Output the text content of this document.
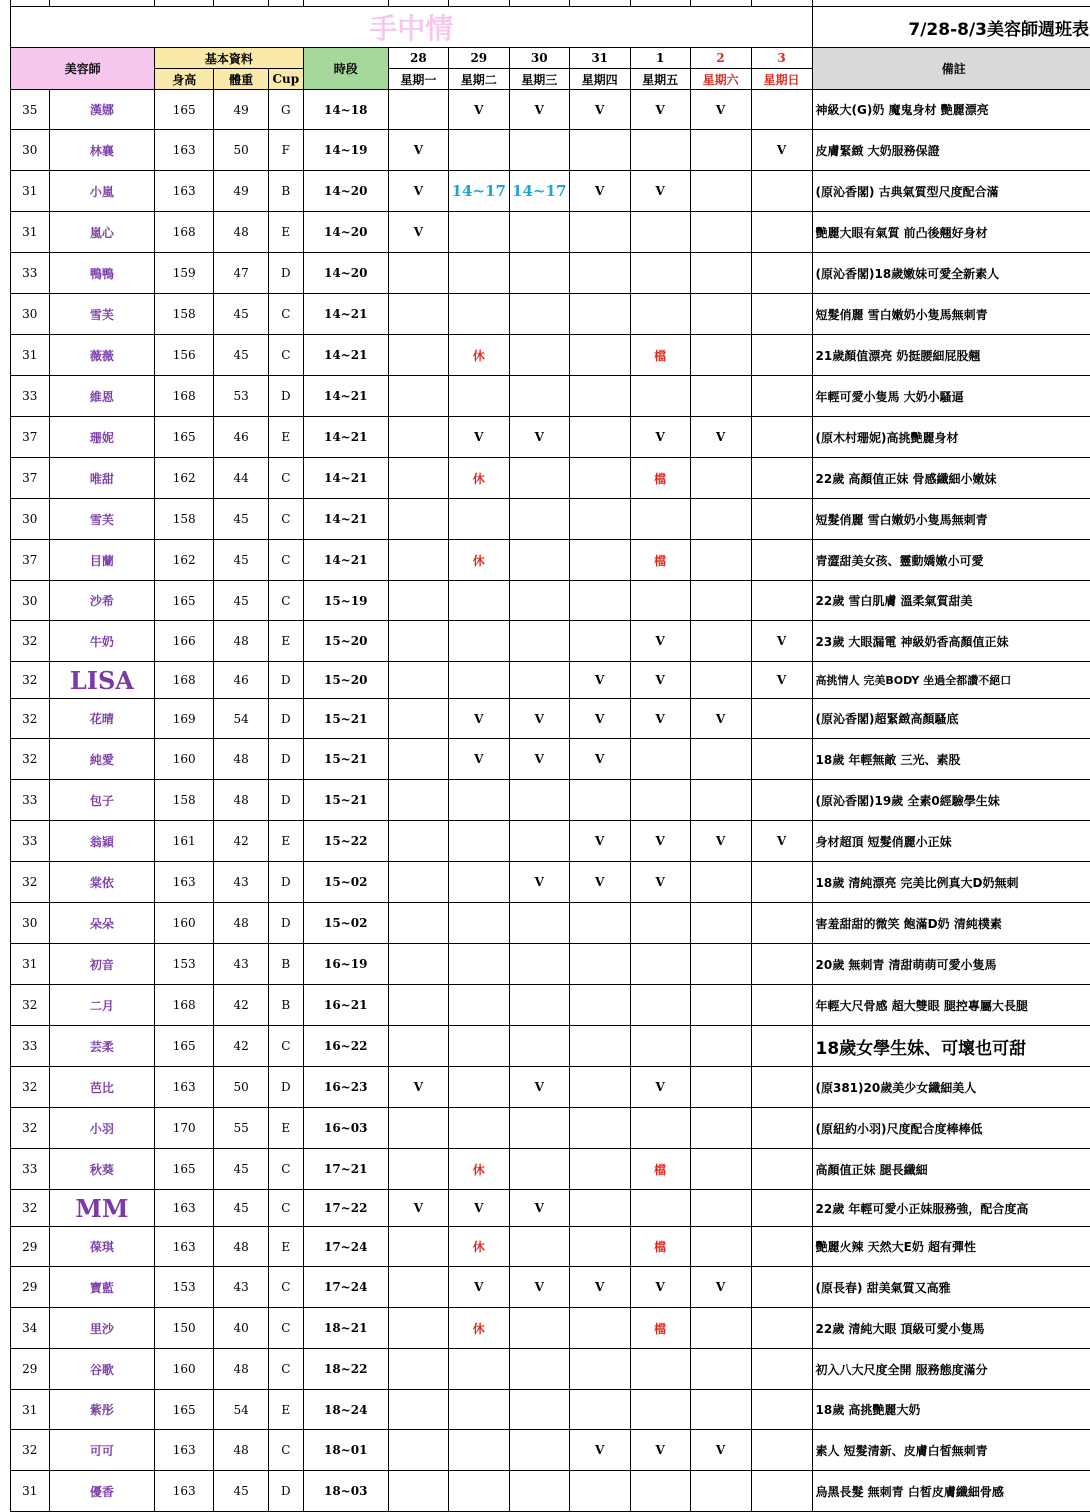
手中情													7/28-8/3美容師週班表
美容師		基本資料			時段	28	29	30	31	1	2	3	備註
		身高	體重	Cup		星期一	星期二	星期三	星期四	星期五	星期六	星期日	
35	漢娜	165	49	G	14~18		V	V	V	V	V		神級大(G)奶 魔鬼身材 艷麗漂亮
30	林襄	163	50	F	14~19	V						V	皮膚緊緻 大奶服務保證
31	小嵐	163	49	B	14~20	V	14~17	14~17	V	V			(原沁香閣) 古典氣質型尺度配合滿
31	嵐心	168	48	E	14~20	V							艷麗大眼有氣質 前凸後翹好身材
33	鴨鴨	159	47	D	14~20								(原沁香閣)18歲嫩妹可愛全新素人
30	雪芙	158	45	C	14~21								短髮俏麗 雪白嫩奶小隻馬無刺青
31	薇薇	156	45	C	14~21		休			檔			21歲顏值漂亮 奶挺腰細屁股翹
33	維恩	168	53	D	14~21								年輕可愛小隻馬 大奶小騷逼
37	珊妮	165	46	E	14~21		V	V		V	V		(原木村珊妮)高挑艷麗身材
37	唯甜	162	44	C	14~21		休			檔			22歲 高顏值正妹 骨感纖細小嫩妹
30	雪芙	158	45	C	14~21								短髮俏麗 雪白嫩奶小隻馬無刺青
37	目蘭	162	45	C	14~21		休			檔			青澀甜美女孩、靈動嬌嫩小可愛
30	沙希	165	45	C	15~19								22歲 雪白肌膚 溫柔氣質甜美
32	牛奶	166	48	E	15~20					V		V	23歲 大眼漏電 神級奶香高顏值正妹
32	LISA	168	46	D	15~20				V	V		V	高挑情人 完美BODY 坐過全都讚不絕口
32	花晴	169	54	D	15~21		V	V	V	V	V		(原沁香閣)超緊緻高顏騷底
32	純愛	160	48	D	15~21		V	V	V				18歲 年輕無敵 三光、素股
33	包子	158	48	D	15~21								(原沁香閣)19歲 全素0經驗學生妹
33	翁穎	161	42	E	15~22				V	V	V	V	身材超頂 短髮俏麗小正妹
32	棠依	163	43	D	15~02			V	V	V			18歲 清純漂亮 完美比例真大D奶無刺
30	朵朵	160	48	D	15~02								害羞甜甜的微笑 飽滿D奶 清純樸素
31	初音	153	43	B	16~19								20歲 無刺青 清甜萌萌可愛小隻馬
32	二月	168	42	B	16~21								年輕大尺骨感 超大雙眼 腿控專屬大長腿
33	芸柔	165	42	C	16~22								18歲女學生妹、可壞也可甜
32	芭比	163	50	D	16~23	V		V		V			(原381)20歲美少女纖細美人
32	小羽	170	55	E	16~03								(原紐約小羽)尺度配合度棒棒低
33	秋葵	165	45	C	17~21		休			檔			高顏值正妹 腿長纖細
32	MM	163	45	C	17~22	V	V	V					22歲 年輕可愛小正妹服務強，配合度高
29	葆琪	163	48	E	17~24		休			檔			艷麗火辣 天然大E奶 超有彈性
29	寶藍	153	43	C	17~24		V	V	V	V	V		(原長春) 甜美氣質又高雅
34	里沙	150	40	C	18~21		休			檔			22歲 清純大眼 頂級可愛小隻馬
29	谷歌	160	48	C	18~22								初入八大尺度全開 服務態度滿分
31	紫彤	165	54	E	18~24								18歲 高挑艷麗大奶
32	可可	163	48	C	18~01				V	V	V		素人 短髮清新、皮膚白皙無刺青
31	優香	163	45	D	18~03								烏黑長髮 無刺青 白皙皮膚纖細骨感
